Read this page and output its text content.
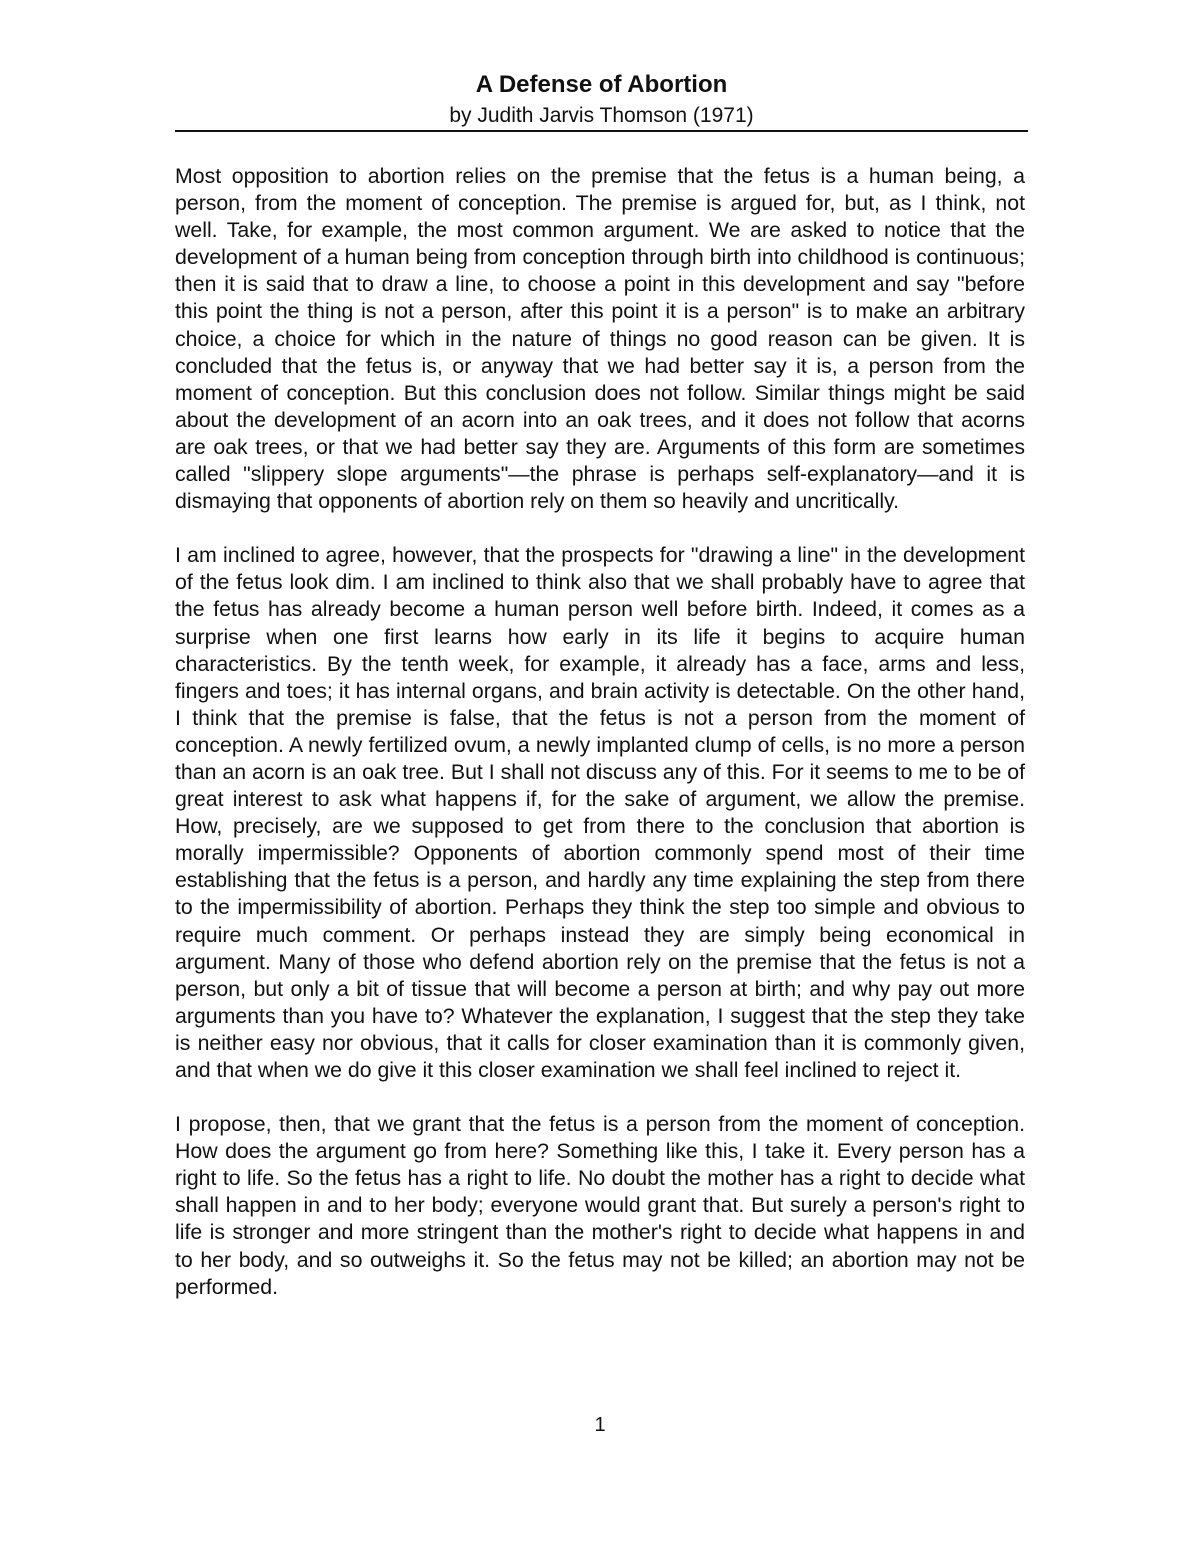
A Defense of Abortion
by Judith Jarvis Thomson (1971)

Most opposition to abortion relies on the premise that the fetus is a human being, a person, from the moment of conception. The premise is argued for, but, as I think, not well. Take, for example, the most common argument. We are asked to notice that the development of a human being from conception through birth into childhood is continuous; then it is said that to draw a line, to choose a point in this development and say "before this point the thing is not a person, after this point it is a person" is to make an arbitrary choice, a choice for which in the nature of things no good reason can be given. It is concluded that the fetus is, or anyway that we had better say it is, a person from the moment of conception. But this conclusion does not follow. Similar things might be said about the development of an acorn into an oak trees, and it does not follow that acorns are oak trees, or that we had better say they are. Arguments of this form are sometimes called "slippery slope arguments"—the phrase is perhaps self-explanatory—and it is dismaying that opponents of abortion rely on them so heavily and uncritically.

I am inclined to agree, however, that the prospects for "drawing a line" in the development of the fetus look dim. I am inclined to think also that we shall probably have to agree that the fetus has already become a human person well before birth. Indeed, it comes as a surprise when one first learns how early in its life it begins to acquire human characteristics. By the tenth week, for example, it already has a face, arms and less, fingers and toes; it has internal organs, and brain activity is detectable. On the other hand, I think that the premise is false, that the fetus is not a person from the moment of conception. A newly fertilized ovum, a newly implanted clump of cells, is no more a person than an acorn is an oak tree. But I shall not discuss any of this. For it seems to me to be of great interest to ask what happens if, for the sake of argument, we allow the premise. How, precisely, are we supposed to get from there to the conclusion that abortion is morally impermissible? Opponents of abortion commonly spend most of their time establishing that the fetus is a person, and hardly any time explaining the step from there to the impermissibility of abortion. Perhaps they think the step too simple and obvious to require much comment. Or perhaps instead they are simply being economical in argument. Many of those who defend abortion rely on the premise that the fetus is not a person, but only a bit of tissue that will become a person at birth; and why pay out more arguments than you have to? Whatever the explanation, I suggest that the step they take is neither easy nor obvious, that it calls for closer examination than it is commonly given, and that when we do give it this closer examination we shall feel inclined to reject it.

I propose, then, that we grant that the fetus is a person from the moment of conception. How does the argument go from here? Something like this, I take it. Every person has a right to life. So the fetus has a right to life. No doubt the mother has a right to decide what shall happen in and to her body; everyone would grant that. But surely a person's right to life is stronger and more stringent than the mother's right to decide what happens in and to her body, and so outweighs it. So the fetus may not be killed; an abortion may not be performed.

1
